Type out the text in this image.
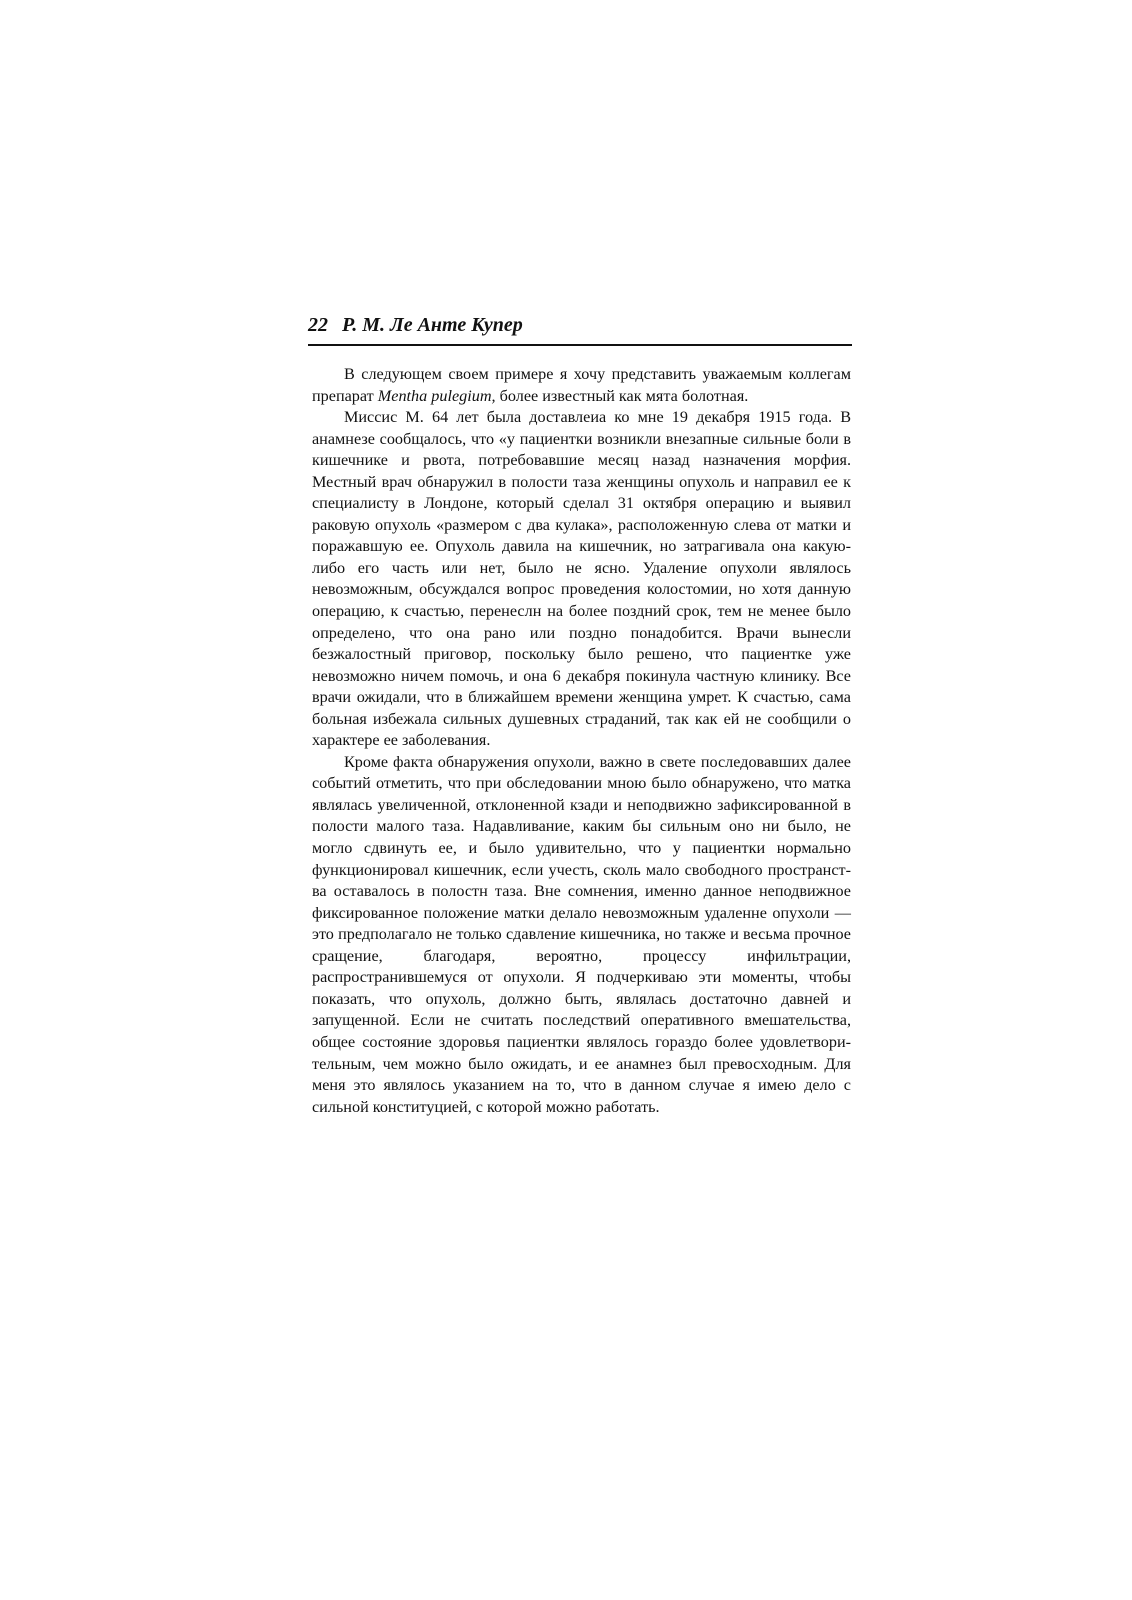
22 Р. М. Ле Анте Купер

В следующем своем примере я хочу представить уважаемым коллегам препарат Mentha pulegium, более известный как мята болотная.

Миссис М. 64 лет была доставлеиа ко мне 19 декабря 1915 года. В анамнезе сообщалось, что «у пациентки возникли внезапные сильные боли в кишечнике и рвота, потребовавшие месяц назад назначения морфия. Местный врач обнаружил в полости таза женщины опухоль и направил ее к специалисту в Лондоне, который сделал 31 октября операцию и выявил раковую опухоль «размером с два кулака», расположенную слева от матки и поражавшую ее. Опухоль давила на кишечник, но затрагивала она какую-либо его часть или нет, было не ясно. Удаление опухоли являлось невозможным, обсуждался вопрос проведения колостомии, но хотя данную операцию, к счастью, перенеслн на более поздний срок, тем не менее было определено, что она рано или поздно понадобится. Врачи вынесли безжалостный приговор, поскольку было решено, что пациентке уже невозможно ничем помочь, и она 6 декабря покинула частную клинику. Все врачи ожидали, что в ближайшем времени женщина умрет. К счастью, сама больная избежала сильных душевных страданий, так как ей не сообщили о характере ее заболевания.

Кроме факта обнаружения опухоли, важно в свете последовавших далее событий отметить, что при обследовании мною было обнаружено, что матка являлась увеличенной, отклоненной кзади и неподвижно зафиксированной в полости малого таза. Надавливание, каким бы сильным оно ни было, не могло сдвинуть ее, и было удивительно, что у пациентки нормально функционировал кишечник, если учесть, сколь мало свободного пространства оставалось в полостн таза. Вне сомнения, именно данное неподвижное фиксированное положение матки делало невозможным удаленне опухоли — это предполагало не только сдавление кишечника, но также и весьма прочное сращение, благодаря, вероятно, процессу инфильтрации, распространившемуся от опухоли. Я подчеркиваю эти моменты, чтобы показать, что опухоль, должно быть, являлась достаточно давней и запущенной. Если не считать последствий оперативного вмешательства, общее состояние здоровья пациентки являлось гораздо более удовлетворительным, чем можно было ожидать, и ее анамнез был превосходным. Для меня это являлось указанием на то, что в данном случае я имею дело с сильной конституцией, с которой можно работать.
